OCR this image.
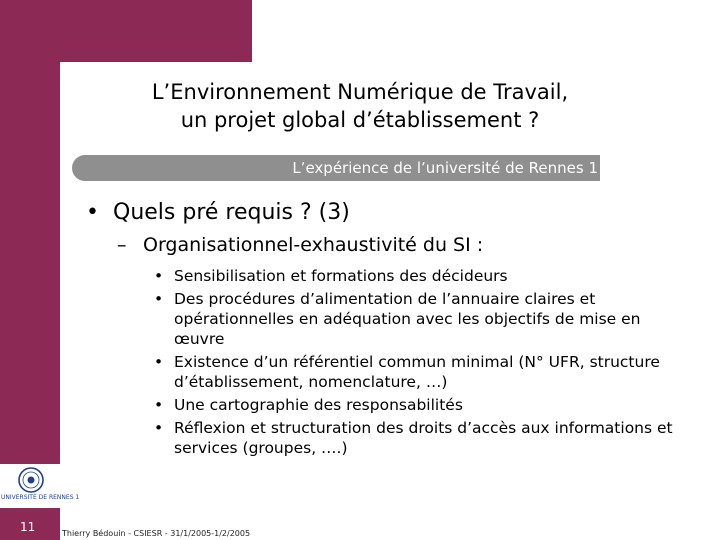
L’Environnement Numérique de Travail,
un projet global d’établissement ?
L’expérience de l’université de Rennes 1
• Quels pré requis ? (3)
– Organisationnel-exhaustivité du SI :
• Sensibilisation et formations des décideurs
• Des procédures d’alimentation de l’annuaire claires et opérationnelles en adéquation avec les objectifs de mise en œuvre
• Existence d’un référentiel commun minimal (N° UFR, structure d’établissement, nomenclature, …)
• Une cartographie des responsabilités
• Réflexion et structuration des droits d’accès aux informations et services (groupes, ….)
UNIVERSITÉ DE RENNES 1
11	Thierry Bédouin - CSIESR - 31/1/2005-1/2/2005
